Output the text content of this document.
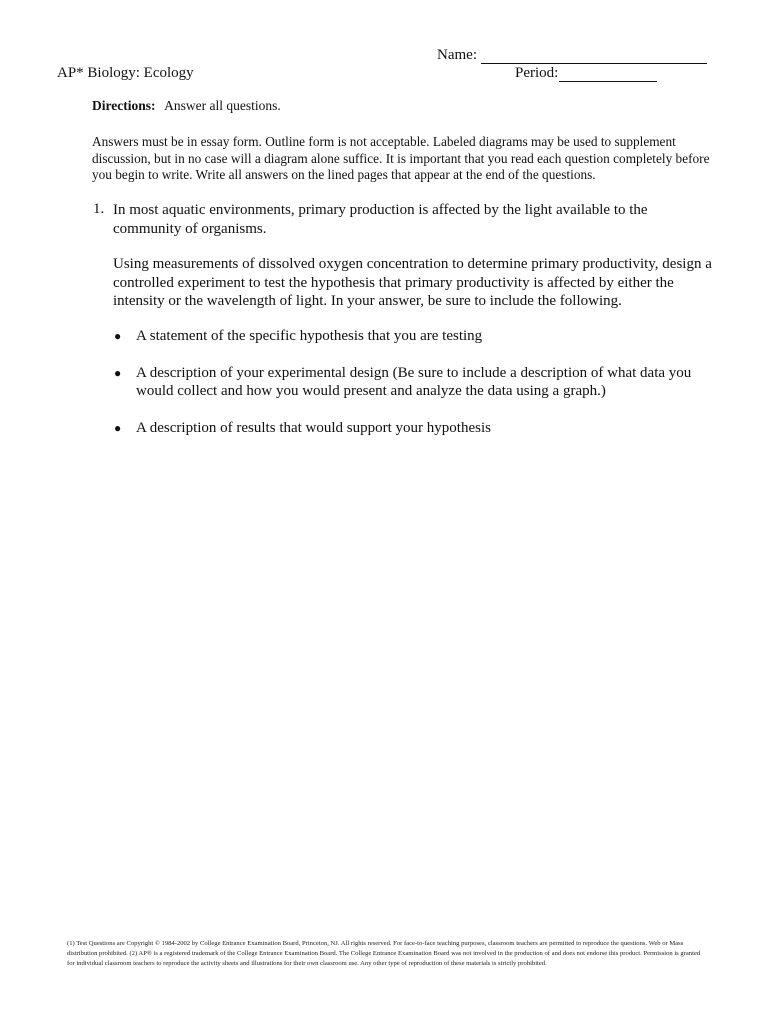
Name:
AP* Biology: Ecology	Period:
Directions: Answer all questions.
Answers must be in essay form. Outline form is not acceptable. Labeled diagrams may be used to supplement discussion, but in no case will a diagram alone suffice. It is important that you read each question completely before you begin to write. Write all answers on the lined pages that appear at the end of the questions.
1. In most aquatic environments, primary production is affected by the light available to the community of organisms.
Using measurements of dissolved oxygen concentration to determine primary productivity, design a controlled experiment to test the hypothesis that primary productivity is affected by either the intensity or the wavelength of light. In your answer, be sure to include the following.
● A statement of the specific hypothesis that you are testing
● A description of your experimental design (Be sure to include a description of what data you would collect and how you would present and analyze the data using a graph.)
● A description of results that would support your hypothesis
(1) Test Questions are Copyright © 1984-2002 by College Entrance Examination Board, Princeton, NJ. All rights reserved. For face-to-face teaching purposes, classroom teachers are permitted to reproduce the questions. Web or Mass distribution prohibited. (2) AP® is a registered trademark of the College Entrance Examination Board. The College Entrance Examination Board was not involved in the production of and does not endorse this product. Permission is granted for individual classroom teachers to reproduce the activity sheets and illustrations for their own classroom use. Any other type of reproduction of these materials is strictly prohibited.
